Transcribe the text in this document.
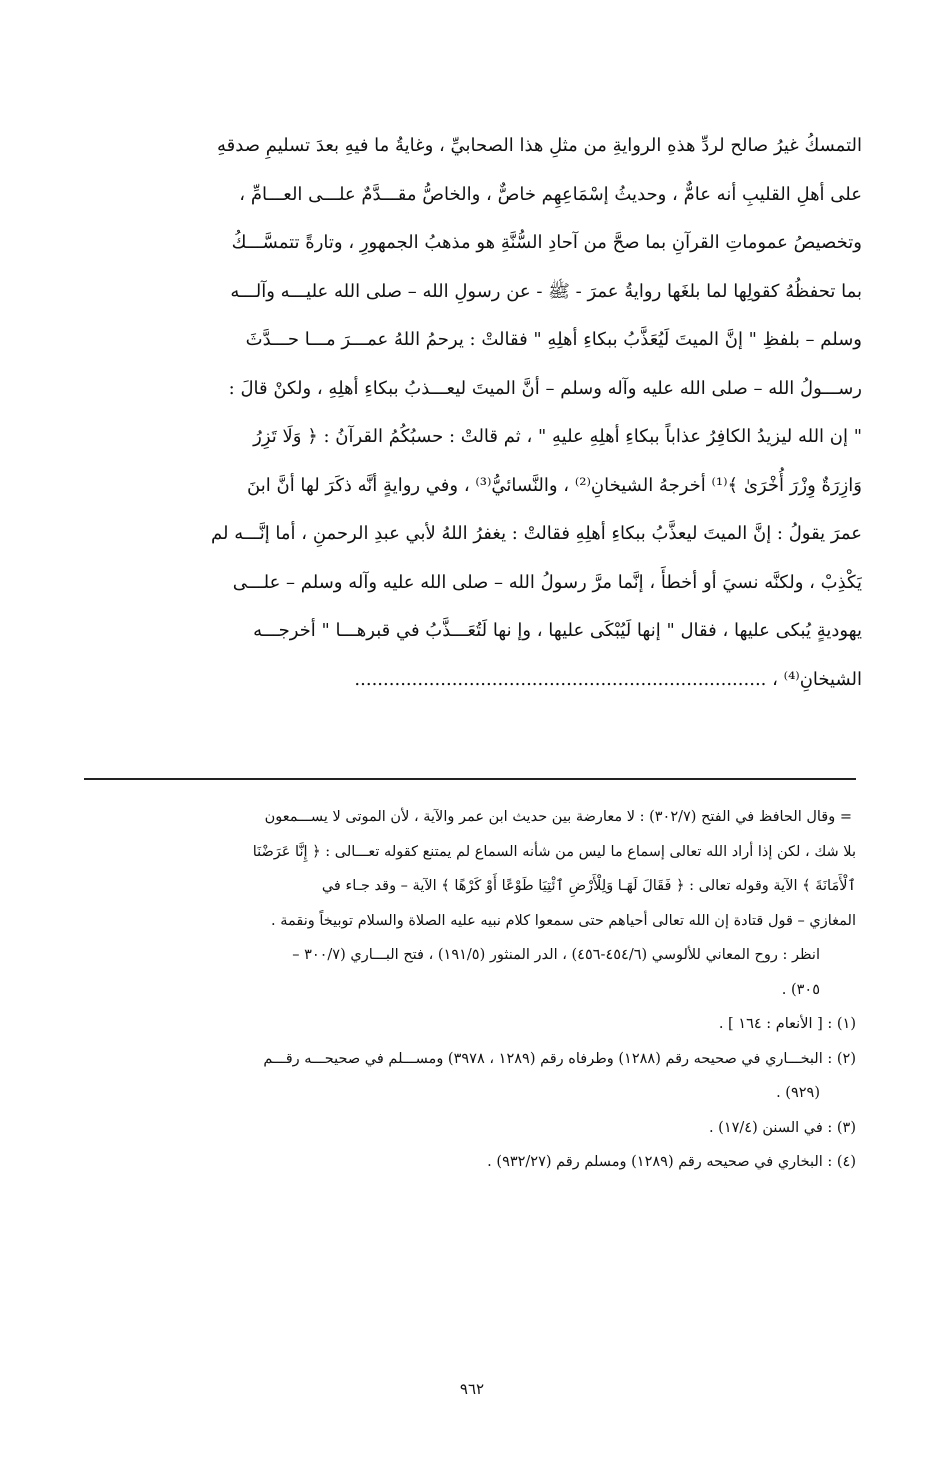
التمسكُ غيرُ صالح لردِّ هذهِ الروايةِ من مثلِ هذا الصحابيِّ ، وغايةُ ما فيهِ بعدَ تسليمِ صدقهِ
على أهلِ القليبِ أنه عامٌّ ، وحديثُ إسْمَاعِهِم خاصٌّ ، والخاصُّ مقـــدَّمٌ علـــى العـــامِّ ،
وتخصيصُ عموماتِ القرآنِ بما صحَّ من آحادِ السُّنَّةِ هو مذهبُ الجمهورِ ، وتارةً تتمسَّـــكُ
بما تحفظُهُ كقولِها لما بلغَها روايةُ عمرَ - ﷺ - عن رسولِ الله – صلى الله عليـــه وآلـــه
وسلم – بلفظِ " إنَّ الميتَ لَيُعَذَّبُ ببكاءِ أهلِهِ " فقالتْ : يرحمُ اللهُ عمـــرَ مـــا حـــدَّثَ
رســـولُ الله – صلى الله عليه وآله وسلم – أنَّ الميتَ ليعـــذبُ ببكاءِ أهلِهِ ، ولكنْ قالَ :
" إن الله ليزيدُ الكافِرُ عذاباً ببكاءِ أهلِهِ عليهِ " ، ثم قالتْ : حسبُكُمُ القرآنُ : ﴿ وَلَا تَزِرُ
وَازِرَةٌ وِزْرَ أُخْرَىٰ ﴾⁽¹⁾ أخرجهُ الشيخانِ⁽²⁾ ، والنَّسائيُّ⁽³⁾ ، وفي روايةٍ أنَّه ذكَرَ لها أنَّ ابنَ
عمرَ يقولُ : إنَّ الميتَ ليعذَّبُ ببكاءِ أهلِهِ فقالتْ : يغفرُ اللهُ لأبي عبدِ الرحمنِ ، أما إنَّـــه لم
يَكْذِبْ ، ولكنَّه نسيَ أو أخطأَ ، إنَّما مرَّ رسولُ الله – صلى الله عليه وآله وسلم – علـــى
يهوديةٍ يُبكى عليها ، فقال " إنها لَيُبْكَى عليها ، وإ نها لَتُعَـــذَّبُ في قبرهـــا " أخرجـــه
الشيخانِ⁽⁴⁾ ، ........................................................................
= وقال الحافظ في الفتح (٣٠٢/٧) : لا معارضة بين حديث ابن عمر والآية ، لأن الموتى لا يســـمعون
بلا شك ، لكن إذا أراد الله تعالى إسماع ما ليس من شأنه السماع لم يمتنع كقوله تعـــالى : ﴿ إِنَّا عَرَضْنَا
ٱلْأَمَانَةَ ﴾ الآية وقوله تعالى : ﴿ فَقَالَ لَهَـا وَلِلْأَرْضِ ٱئْتِيَا طَوْعًا أَوْ كَرْهًا ﴾ الآية – وقد جـاء في
المغازي – قول قتادة إن الله تعالى أحياهم حتى سمعوا كلام نبيه عليه الصلاة والسلام توبيخاً ونقمة .
انظر : روح المعاني للألوسي (٤٥٤/٦-٤٥٦) ، الدر المنثور (١٩١/٥) ، فتح البـــاري (٣٠٠/٧ –
٣٠٥) .
(١) : [ الأنعام : ١٦٤ ] .
(٢) : البخـــاري في صحيحه رقم (١٢٨٨) وطرفاه رقم (١٢٨٩ ، ٣٩٧٨) ومســـلم في صحيحـــه رقـــم
(٩٢٩) .
(٣) : في السنن (١٧/٤) .
(٤) : البخاري في صحيحه رقم (١٢٨٩) ومسلم رقم (٩٣٢/٢٧) .
٩٦٢
